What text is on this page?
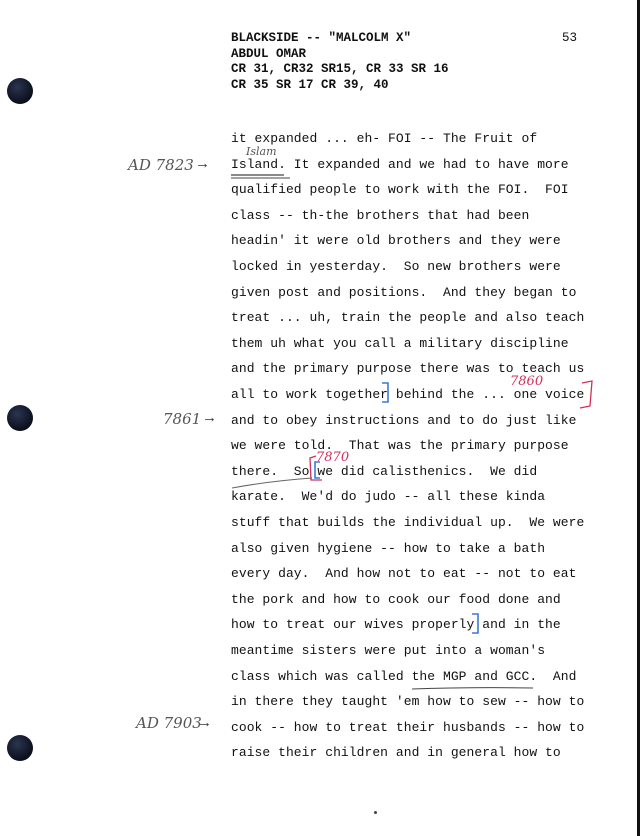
BLACKSIDE -- "MALCOLM X"
ABDUL OMAR
CR 31, CR32 SR15, CR 33 SR 16
CR 35 SR 17 CR 39, 40
53
it expanded ... eh- FOI -- The Fruit of
Island. It expanded and we had to have more
qualified people to work with the FOI.  FOI
class -- th-the brothers that had been
headin' it were old brothers and they were
locked in yesterday.  So new brothers were
given post and positions.  And they began to
treat ... uh, train the people and also teach
them uh what you call a military discipline
and the primary purpose there was to teach us
all to work together behind the ... one voice
and to obey instructions and to do just like
we were told.  That was the primary purpose
there.  So we did calisthenics.  We did
karate.  We'd do judo -- all these kinda
stuff that builds the individual up.  We were
also given hygiene -- how to take a bath
every day.  And how not to eat -- not to eat
the pork and how to cook our food done and
how to treat our wives properly and in the
meantime sisters were put into a woman's
class which was called the MGP and GCC.  And
in there they taught 'em how to sew -- how to
cook -- how to treat their husbands -- how to
raise their children and in general how to
AD 7823 →
Islam
7860
7861 →
7870
AD 7903
→
